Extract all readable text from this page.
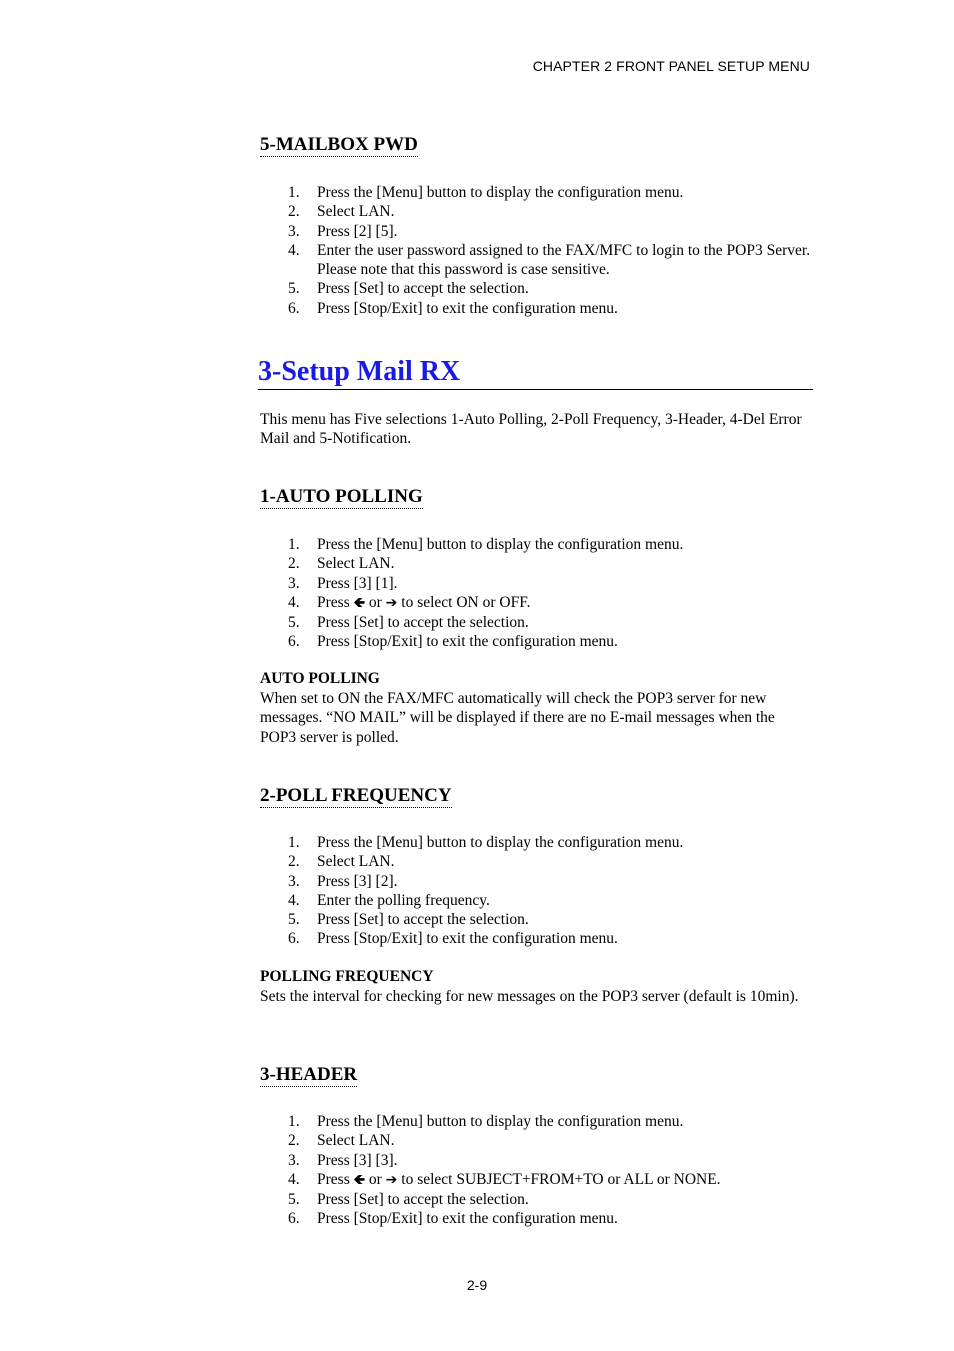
CHAPTER 2 FRONT PANEL SETUP MENU
5-MAILBOX PWD
1. Press the [Menu] button to display the configuration menu.
2. Select LAN.
3. Press [2] [5].
4. Enter the user password assigned to the FAX/MFC to login to the POP3 Server. Please note that this password is case sensitive.
5. Press [Set] to accept the selection.
6. Press [Stop/Exit] to exit the configuration menu.
3-Setup Mail RX

This menu has Five selections 1-Auto Polling, 2-Poll Frequency, 3-Header, 4-Del Error Mail and 5-Notification.

1-AUTO POLLING
1. Press the [Menu] button to display the configuration menu.
2. Select LAN.
3. Press [3] [1].
4. Press 🡸 or ➔ to select ON or OFF.
5. Press [Set] to accept the selection.
6. Press [Stop/Exit] to exit the configuration menu.
AUTO POLLING

When set to ON the FAX/MFC automatically will check the POP3 server for new messages. “NO MAIL” will be displayed if there are no E-mail messages when the POP3 server is polled.

2-POLL FREQUENCY
1. Press the [Menu] button to display the configuration menu.
2. Select LAN.
3. Press [3] [2].
4. Enter the polling frequency.
5. Press [Set] to accept the selection.
6. Press [Stop/Exit] to exit the configuration menu.
POLLING FREQUENCY

Sets the interval for checking for new messages on the POP3 server (default is 10min).

3-HEADER
1. Press the [Menu] button to display the configuration menu.
2. Select LAN.
3. Press [3] [3].
4. Press 🡸 or ➔ to select SUBJECT+FROM+TO or ALL or NONE.
5. Press [Set] to accept the selection.
6. Press [Stop/Exit] to exit the configuration menu.
2-9
